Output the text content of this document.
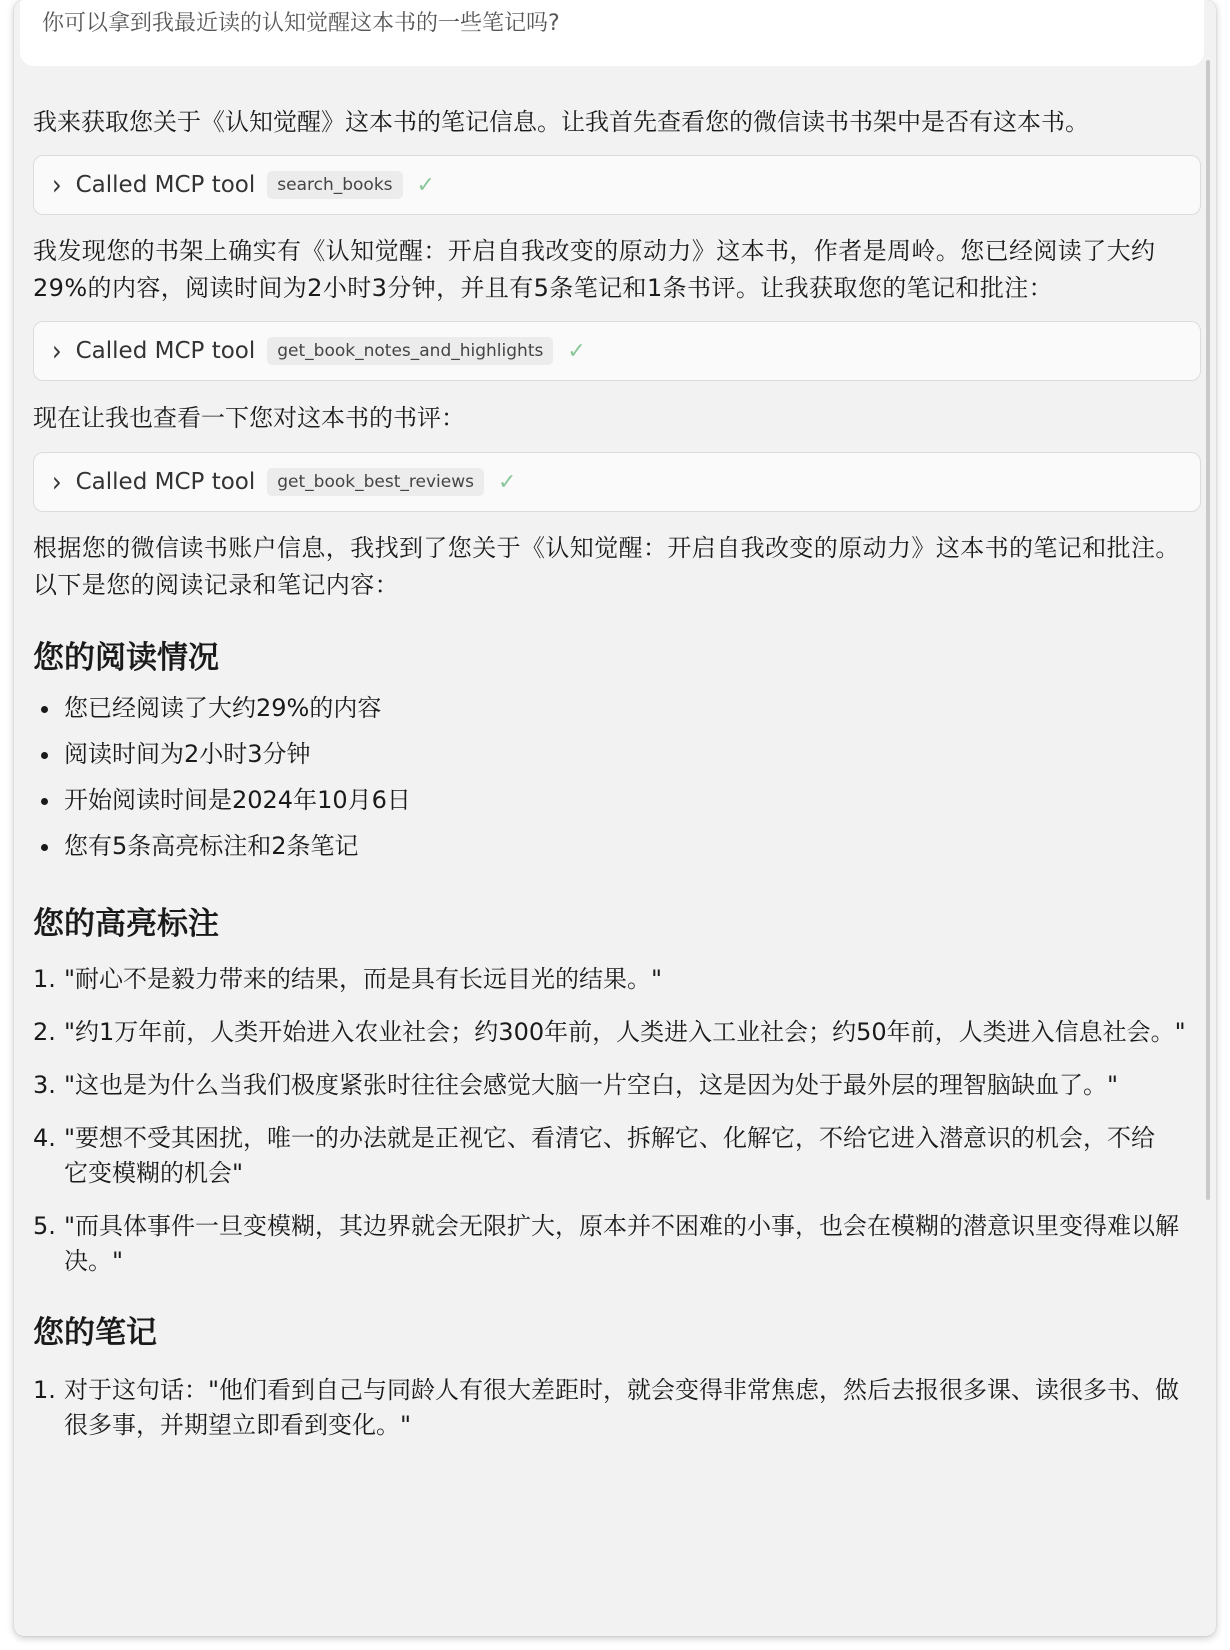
你可以拿到我最近读的认知觉醒这本书的一些笔记吗?

我来获取您关于《认知觉醒》这本书的笔记信息。让我首先查看您的微信读书书架中是否有这本书。

› Called MCP tool	search_books	✓

我发现您的书架上确实有《认知觉醒：开启自我改变的原动力》这本书，作者是周岭。您已经阅读了大约29%的内容，阅读时间为2小时3分钟，并且有5条笔记和1条书评。让我获取您的笔记和批注：

› Called MCP tool	get_book_notes_and_highlights	✓

现在让我也查看一下您对这本书的书评：

› Called MCP tool	get_book_best_reviews	✓

根据您的微信读书账户信息，我找到了您关于《认知觉醒：开启自我改变的原动力》这本书的笔记和批注。以下是您的阅读记录和笔记内容：

您的阅读情况
您已经阅读了大约29%的内容
阅读时间为2小时3分钟
开始阅读时间是2024年10月6日
您有5条高亮标注和2条笔记
您的高亮标注
1. "耐心不是毅力带来的结果，而是具有长远目光的结果。"
2. "约1万年前，人类开始进入农业社会；约300年前，人类进入工业社会；约50年前，人类进入信息社会。"
3. "这也是为什么当我们极度紧张时往往会感觉大脑一片空白，这是因为处于最外层的理智脑缺血了。"
4. "要想不受其困扰，唯一的办法就是正视它、看清它、拆解它、化解它，不给它进入潜意识的机会，不给它变模糊的机会"
5. "而具体事件一旦变模糊，其边界就会无限扩大，原本并不困难的小事，也会在模糊的潜意识里变得难以解决。"
您的笔记
1. 对于这句话："他们看到自己与同龄人有很大差距时，就会变得非常焦虑，然后去报很多课、读很多书、做很多事，并期望立即看到变化。"
